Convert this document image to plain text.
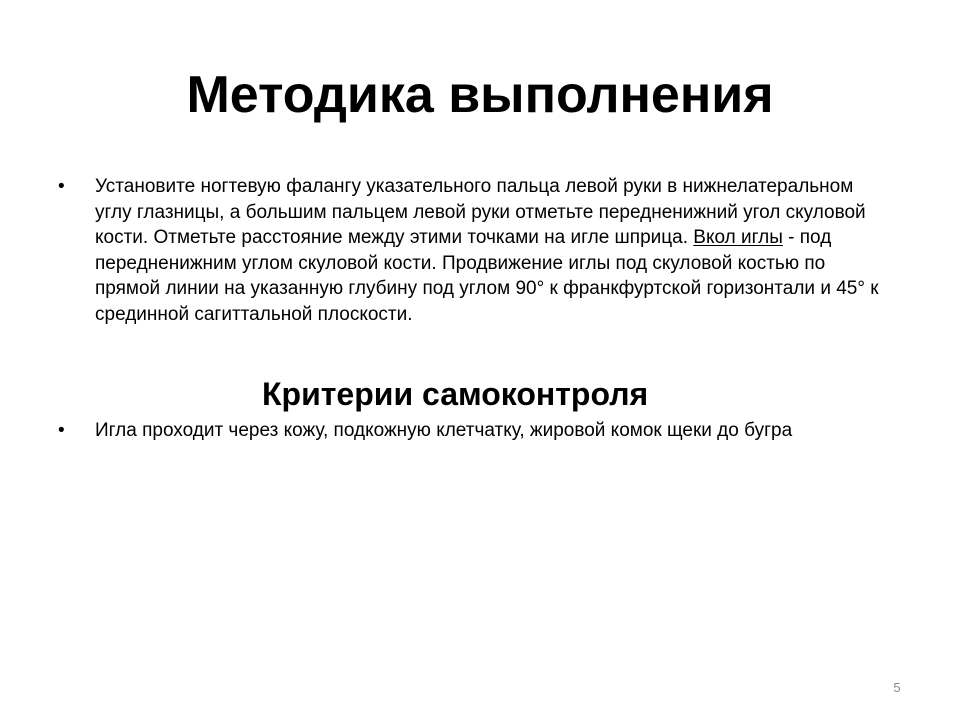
Методика выполнения
• Установите ногтевую фалангу указательного пальца левой руки в нижнелатеральном
углу глазницы, а большим пальцем левой руки отметьте передненижний угол скуловой
кости. Отметьте расстояние между этими точками на игле шприца. Вкол иглы - под
передненижним углом скуловой кости. Продвижение иглы под скуловой костью по
прямой линии на указанную глубину под углом 90° к франкфуртской горизонтали и 45° к
срединной сагиттальной плоскости.
Критерии самоконтроля
• Игла проходит через кожу, подкожную клетчатку, жировой комок щеки до бугра
5
